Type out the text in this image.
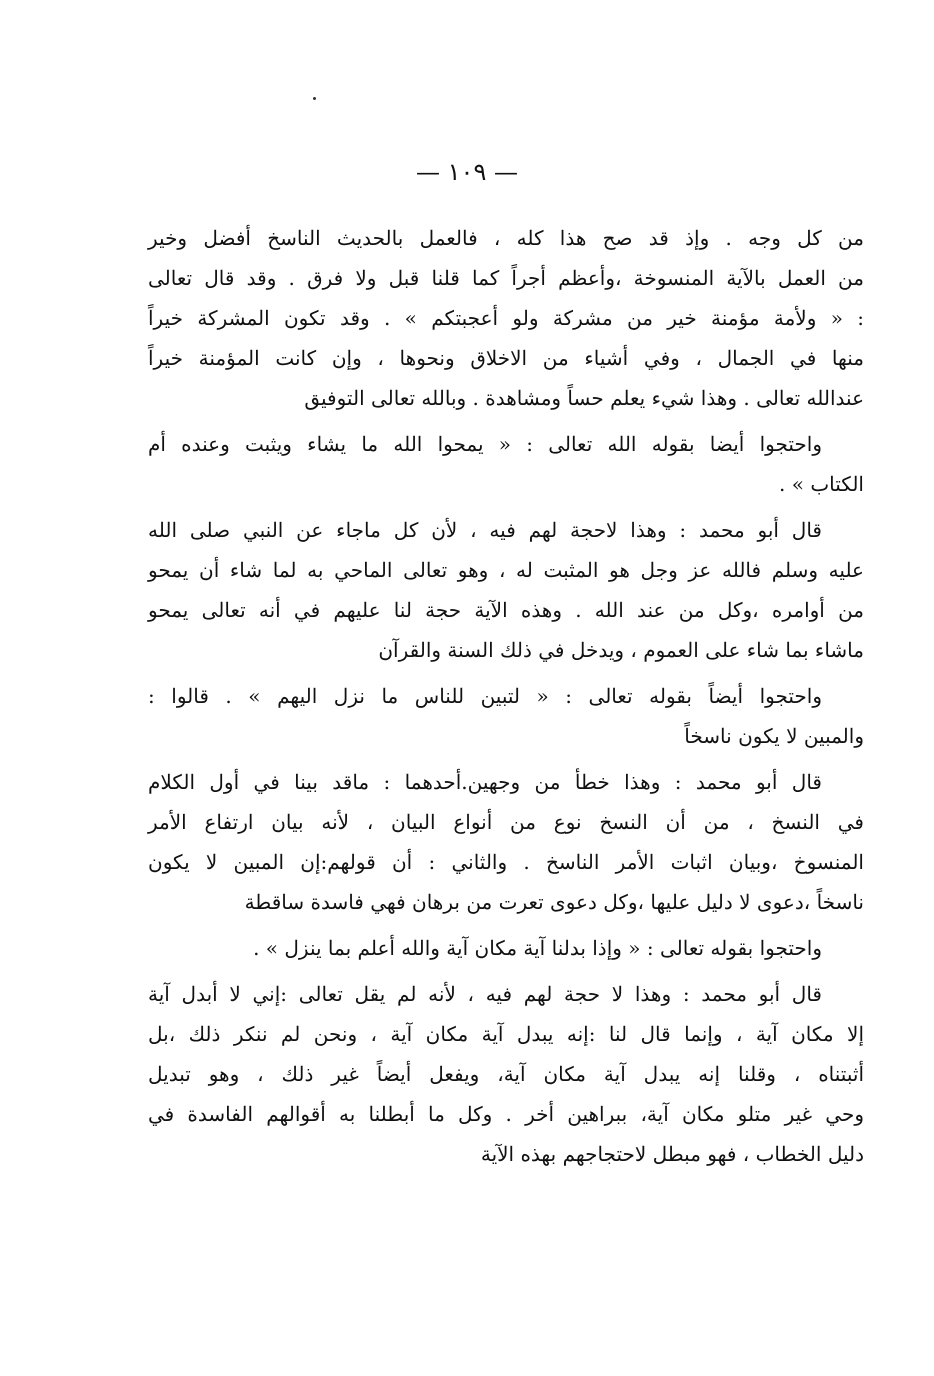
— ١٠٩ —
من كل وجه . وإذ قد صح هذا كله ، فالعمل بالحديث الناسخ أفضل وخير
من العمل بالآية المنسوخة ،وأعظم أجراً كما قلنا قبل ولا فرق . وقد قال تعالى
: « ولأمة مؤمنة خير من مشركة ولو أعجبتكم » . وقد تكون المشركة خيراً
منها في الجمال ، وفي أشياء من الاخلاق ونحوها ، وإن كانت المؤمنة خيراً
عندالله تعالى . وهذا شيء يعلم حساً ومشاهدة . وبالله تعالى التوفيق
واحتجوا أيضا بقوله الله تعالى : « يمحوا الله ما يشاء ويثبت وعنده أم
الكتاب » .
قال أبو محمد : وهذا لاحجة لهم فيه ، لأن كل ماجاء عن النبي صلى الله
عليه وسلم فالله عز وجل هو المثبت له ، وهو تعالى الماحي به لما شاء أن يمحو
من أوامره ،وكل من عند الله . وهذه الآية حجة لنا عليهم في أنه تعالى يمحو
ماشاء بما شاء على العموم ، ويدخل في ذلك السنة والقرآن
واحتجوا أيضاً بقوله تعالى : « لتبين للناس ما نزل اليهم » . قالوا :
والمبين لا يكون ناسخاً
قال أبو محمد : وهذا خطأ من وجهين.أحدهما : ماقد بينا في أول الكلام
في النسخ ، من أن النسخ نوع من أنواع البيان ، لأنه بيان ارتفاع الأمر
المنسوخ ،وبيان اثبات الأمر الناسخ . والثاني : أن قولهم:إن المبين لا يكون
ناسخاً ،دعوى لا دليل عليها ،وكل دعوى تعرت من برهان فهي فاسدة ساقطة
واحتجوا بقوله تعالى : « وإذا بدلنا آية مكان آية والله أعلم بما ينزل » .
قال أبو محمد : وهذا لا حجة لهم فيه ، لأنه لم يقل تعالى :إني لا أبدل آية
إلا مكان آية ، وإنما قال لنا :إنه يبدل آية مكان آية ، ونحن لم ننكر ذلك ،بل
أثبتناه ، وقلنا إنه يبدل آية مكان آية، ويفعل أيضاً غير ذلك ، وهو تبديل
وحي غير متلو مكان آية، ببراهين أخر . وكل ما أبطلنا به أقوالهم الفاسدة في
دليل الخطاب ، فهو مبطل لاحتجاجهم بهذه الآية
